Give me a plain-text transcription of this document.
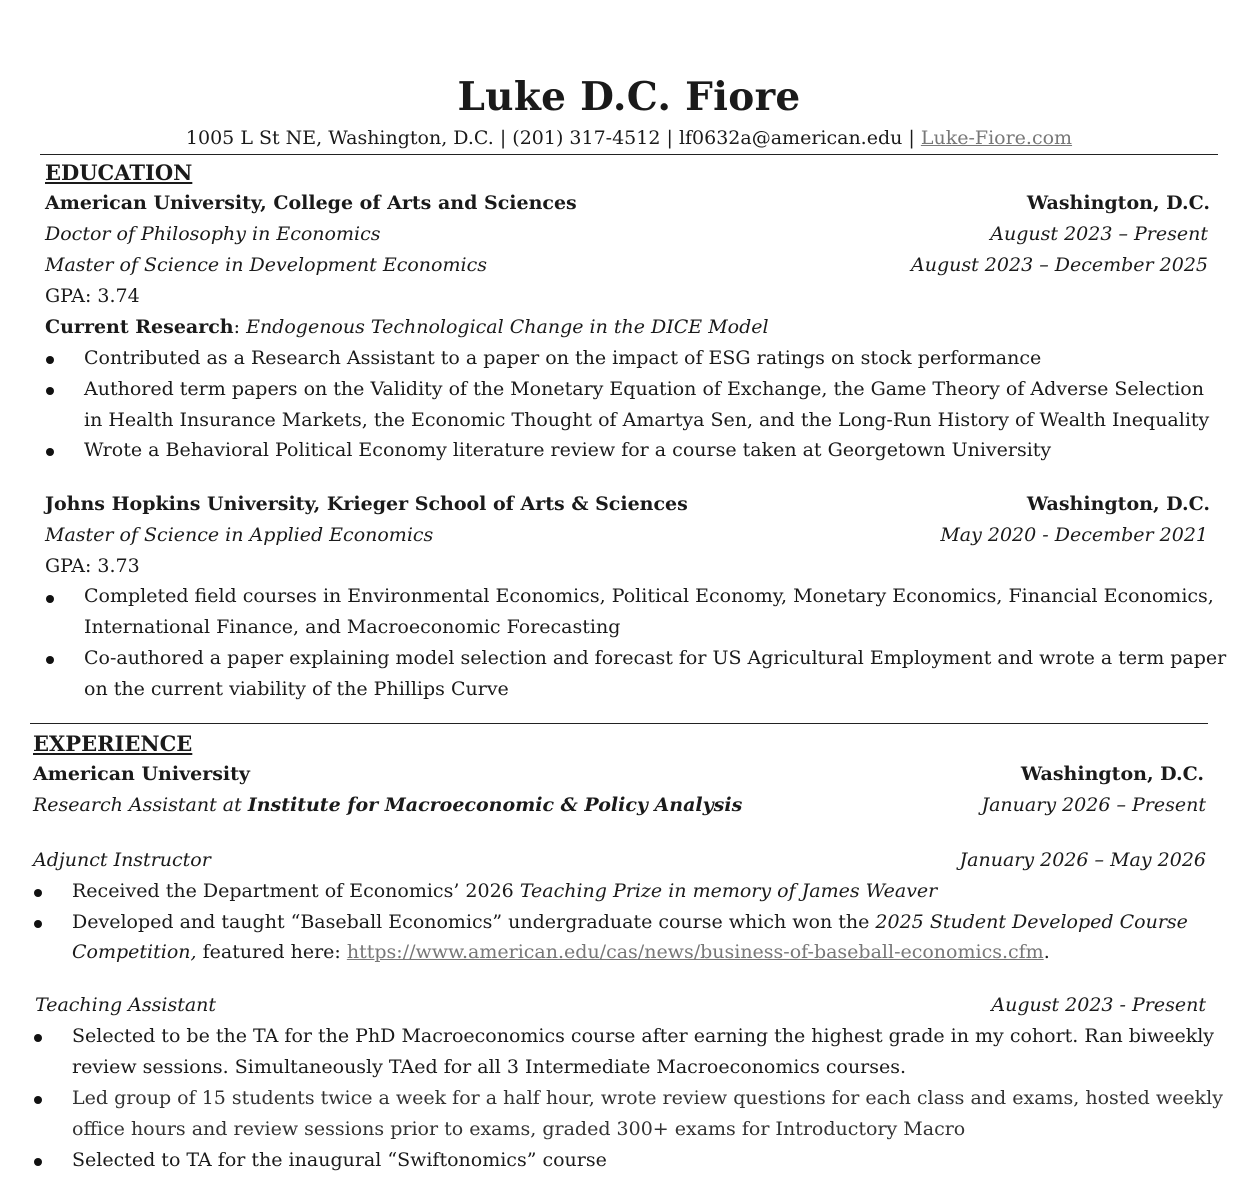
Luke D.C. Fiore
1005 L St NE, Washington, D.C. | (201) 317-4512 | lf0632a@american.edu | Luke-Fiore.com
EDUCATION
American University, College of Arts and Sciences	Washington, D.C.
Doctor of Philosophy in Economics	August 2023 – Present
Master of Science in Development Economics	August 2023 – December 2025
GPA: 3.74
Current Research: Endogenous Technological Change in the DICE Model
Contributed as a Research Assistant to a paper on the impact of ESG ratings on stock performance
Authored term papers on the Validity of the Monetary Equation of Exchange, the Game Theory of Adverse Selection
in Health Insurance Markets, the Economic Thought of Amartya Sen, and the Long-Run History of Wealth Inequality
Wrote a Behavioral Political Economy literature review for a course taken at Georgetown University
Johns Hopkins University, Krieger School of Arts & Sciences	Washington, D.C.
Master of Science in Applied Economics	May 2020 - December 2021
GPA: 3.73
Completed field courses in Environmental Economics, Political Economy, Monetary Economics, Financial Economics,
International Finance, and Macroeconomic Forecasting
Co-authored a paper explaining model selection and forecast for US Agricultural Employment and wrote a term paper
on the current viability of the Phillips Curve
EXPERIENCE
American University	Washington, D.C.
Research Assistant at Institute for Macroeconomic & Policy Analysis	January 2026 – Present
Adjunct Instructor	January 2026 – May 2026
Received the Department of Economics’ 2026 Teaching Prize in memory of James Weaver
Developed and taught “Baseball Economics” undergraduate course which won the 2025 Student Developed Course
Competition, featured here: https://www.american.edu/cas/news/business-of-baseball-economics.cfm.
Teaching Assistant	August 2023 - Present
Selected to be the TA for the PhD Macroeconomics course after earning the highest grade in my cohort. Ran biweekly
review sessions. Simultaneously TAed for all 3 Intermediate Macroeconomics courses.
Led group of 15 students twice a week for a half hour, wrote review questions for each class and exams, hosted weekly
office hours and review sessions prior to exams, graded 300+ exams for Introductory Macro
Selected to TA for the inaugural “Swiftonomics” course
